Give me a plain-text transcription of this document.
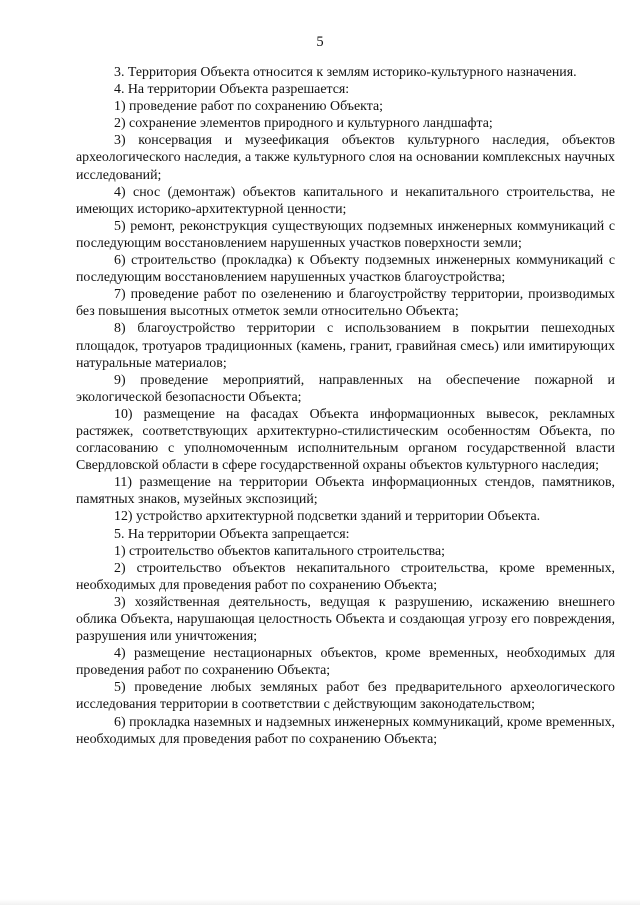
5

3. Территория Объекта относится к землям историко-культурного назначения.

4. На территории Объекта разрешается:

1) проведение работ по сохранению Объекта;

2) сохранение элементов природного и культурного ландшафта;

3) консервация и музеефикация объектов культурного наследия, объектов археологического наследия, а также культурного слоя на основании комплексных научных исследований;

4) снос (демонтаж) объектов капитального и некапитального строительства, не имеющих историко-архитектурной ценности;

5) ремонт, реконструкция существующих подземных инженерных коммуникаций с последующим восстановлением нарушенных участков поверхности земли;

6) строительство (прокладка) к Объекту подземных инженерных коммуникаций с последующим восстановлением нарушенных участков благоустройства;

7) проведение работ по озеленению и благоустройству территории, производимых без повышения высотных отметок земли относительно Объекта;

8) благоустройство территории с использованием в покрытии пешеходных площадок, тротуаров традиционных (камень, гранит, гравийная смесь) или имитирующих натуральные материалов;

9) проведение мероприятий, направленных на обеспечение пожарной и экологической безопасности Объекта;

10) размещение на фасадах Объекта информационных вывесок, рекламных растяжек, соответствующих архитектурно-стилистическим особенностям Объекта, по согласованию с уполномоченным исполнительным органом государственной власти Свердловской области в сфере государственной охраны объектов культурного наследия;

11) размещение на территории Объекта информационных стендов, памятников, памятных знаков, музейных экспозиций;

12) устройство архитектурной подсветки зданий и территории Объекта.

5. На территории Объекта запрещается:

1) строительство объектов капитального строительства;

2) строительство объектов некапитального строительства, кроме временных, необходимых для проведения работ по сохранению Объекта;

3) хозяйственная деятельность, ведущая к разрушению, искажению внешнего облика Объекта, нарушающая целостность Объекта и создающая угрозу его повреждения, разрушения или уничтожения;

4) размещение нестационарных объектов, кроме временных, необходимых для проведения работ по сохранению Объекта;

5) проведение любых земляных работ без предварительного археологического исследования территории в соответствии с действующим законодательством;

6) прокладка наземных и надземных инженерных коммуникаций, кроме временных, необходимых для проведения работ по сохранению Объекта;
